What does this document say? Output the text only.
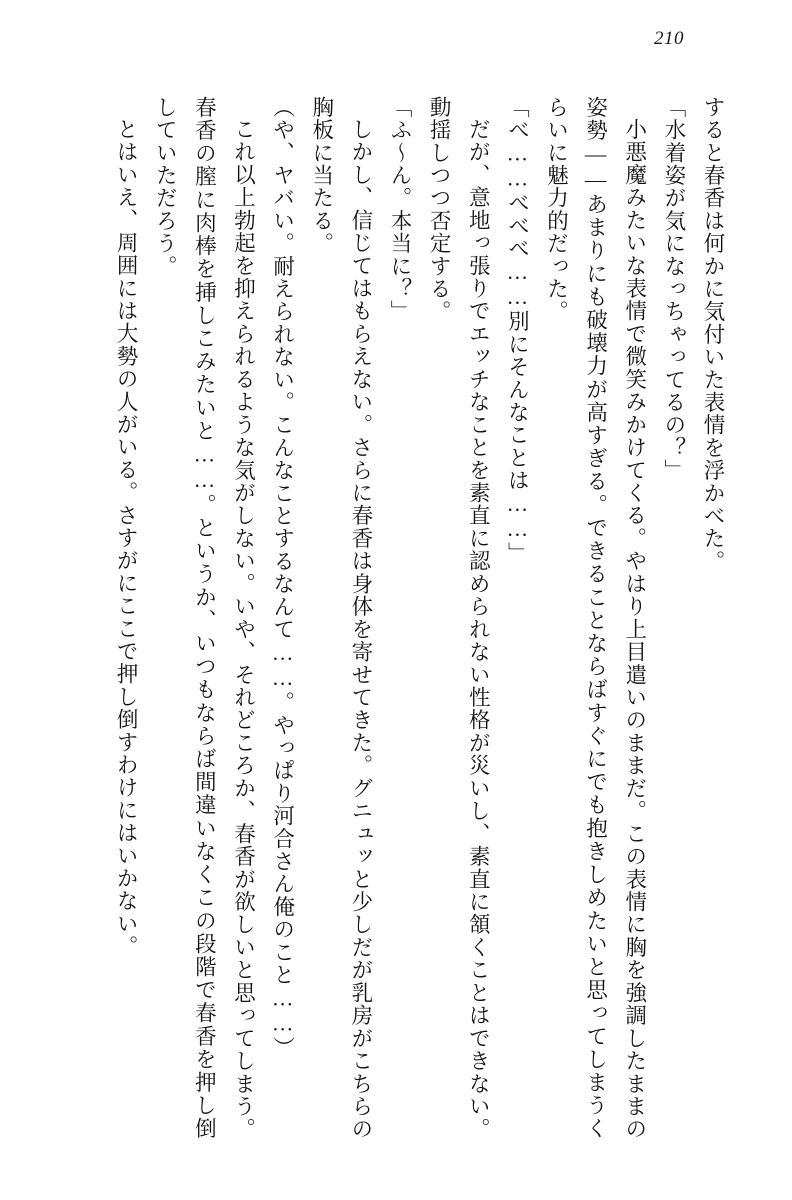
210

すると春香は何かに気付いた表情を浮かべた。

「水着姿が気になっちゃってるの？」

小悪魔みたいな表情で微笑みかけてくる。やはり上目遣いのままだ。この表情に胸を強調したままの姿勢——あまりにも破壊力が高すぎる。できることならばすぐにでも抱きしめたいと思ってしまうくらいに魅力的だった。

「べ……べべべ……別にそんなことは……」

だが、意地っ張りでエッチなことを素直に認められない性格が災いし、素直に頷くことはできない。動揺しつつ否定する。

「ふ～ん。本当に？」

しかし、信じてはもらえない。さらに春香は身体を寄せてきた。グニュッと少しだが乳房がこちらの胸板に当たる。

（や、ヤバい。耐えられない。こんなことするなんて……。やっぱり河合さん俺のこと……）

これ以上勃起を抑えられるような気がしない。いや、それどころか、春香が欲しいと思ってしまう。春香の膣に肉棒を挿しこみたいと……。というか、いつもならば間違いなくこの段階で春香を押し倒していただろう。

とはいえ、周囲には大勢の人がいる。さすがにここで押し倒すわけにはいかない。
